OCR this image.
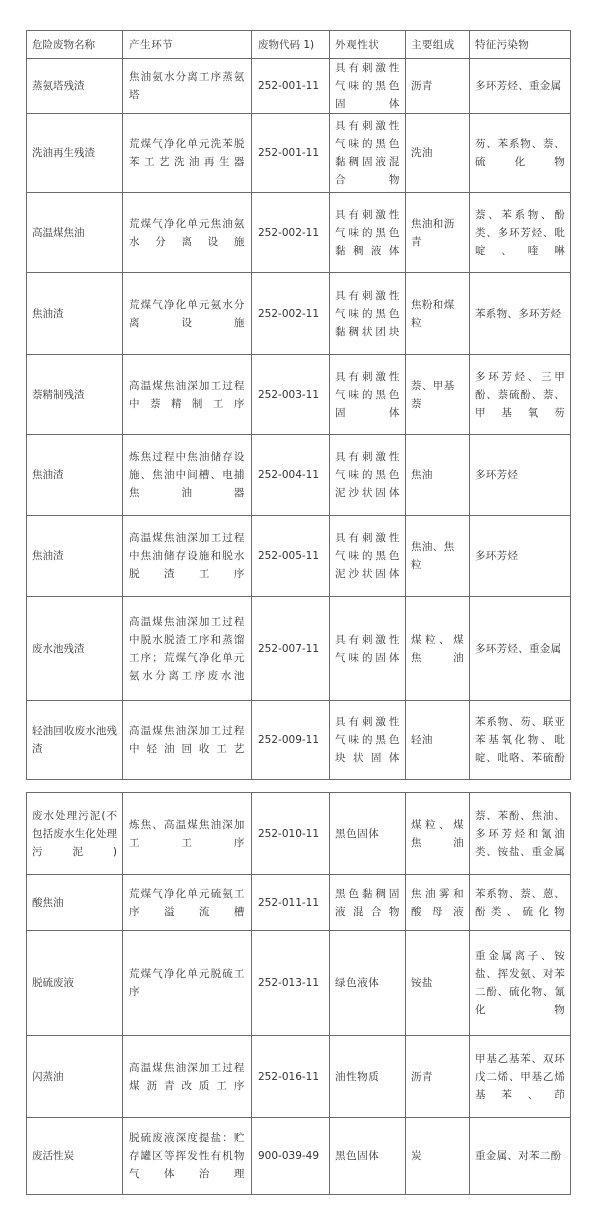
危险废物名称	产生环节	废物代码 1)	外观性状	主要组成	特征污染物
蒸氨塔残渣	焦油氨水分离工序蒸氨塔	252-001-11	具有刺激性气味的黑色固体	沥青	多环芳烃、重金属
洗油再生残渣	荒煤气净化单元洗苯脱苯工艺洗油再生器	252-001-11	具有刺激性气味的黑色黏稠固液混合物	洗油	芴、苯系物、萘、硫化物
高温煤焦油	荒煤气净化单元焦油氨水分离设施	252-002-11	具有刺激性气味的黑色黏稠液体	焦油和沥青	萘、苯系物、酚类、多环芳烃、吡啶、喹啉
焦油渣	荒煤气净化单元氨水分离设施	252-002-11	具有刺激性气味的黑色黏稠状团块	焦粉和煤粒	苯系物、多环芳烃
萘精制残渣	高温煤焦油深加工过程中萘精制工序	252-003-11	具有刺激性气味的黑色固体	萘、甲基萘	多环芳烃、三甲酚、萘硫酚、萘、甲基氧芴
焦油渣	炼焦过程中焦油储存设施、焦油中间槽、电捕焦油器	252-004-11	具有刺激性气味的黑色泥沙状固体	焦油	多环芳烃
焦油渣	高温煤焦油深加工过程中焦油储存设施和脱水脱渣工序	252-005-11	具有刺激性气味的黑色泥沙状固体	焦油、焦粒	多环芳烃
废水池残渣	高温煤焦油深加工过程中脱水脱渣工序和蒸馏工序；荒煤气净化单元氨水分离工序废水池	252-007-11	具有刺激性气味的固体	煤粒、煤焦油	多环芳烃、重金属
轻油回收废水池残渣	高温煤焦油深加工过程中轻油回收工艺	252-009-11	具有刺激性气味的黑色块状固体	轻油	苯系物、芴、联亚苯基氧化物、吡啶、吡咯、苯硫酚
废水处理污泥(不包括废水生化处理污泥)	炼焦、高温煤焦油深加工工序	252-010-11	黑色固体	煤粒、煤焦油	萘、苯酚、焦油、多环芳烃和氰油类、铵盐、重金属
酸焦油	荒煤气净化单元硫氨工序溢流槽	252-011-11	黑色黏稠固液混合物	焦油雾和酸母液	苯系物、萘、蒽、酚类、硫化物
脱硫废液	荒煤气净化单元脱硫工序	252-013-11	绿色液体	铵盐	重金属离子、铵盐、挥发氨、对苯二酚、硫化物、氰化物
闪蒸油	高温煤焦油深加工过程煤沥青改质工序	252-016-11	油性物质	沥青	甲基乙基苯、双环戊二烯、甲基乙烯基苯、茚
废活性炭	脱硫废液深度提盐：贮存罐区等挥发性有机物气体治理	900-039-49	黑色固体	炭	重金属、对苯二酚
